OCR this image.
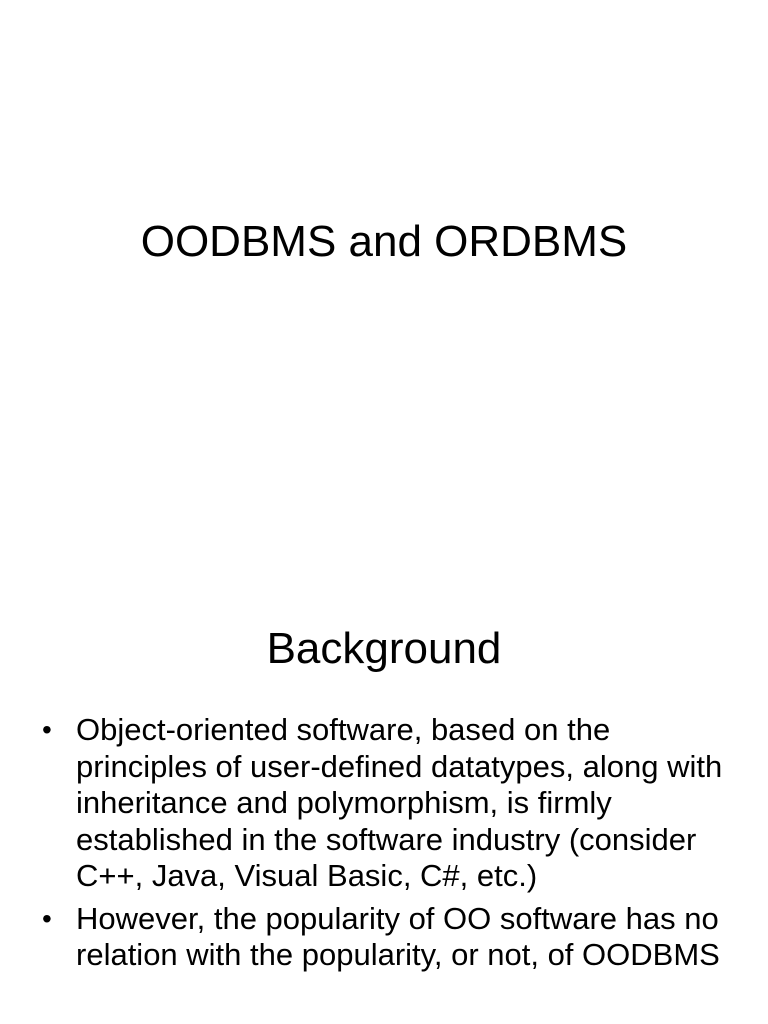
OODBMS and ORDBMS
Background
• Object-oriented software, based on the principles of user-defined datatypes, along with inheritance and polymorphism, is firmly established in the software industry (consider C++, Java, Visual Basic, C#, etc.)
• However, the popularity of OO software has no relation with the popularity, or not, of OODBMS
